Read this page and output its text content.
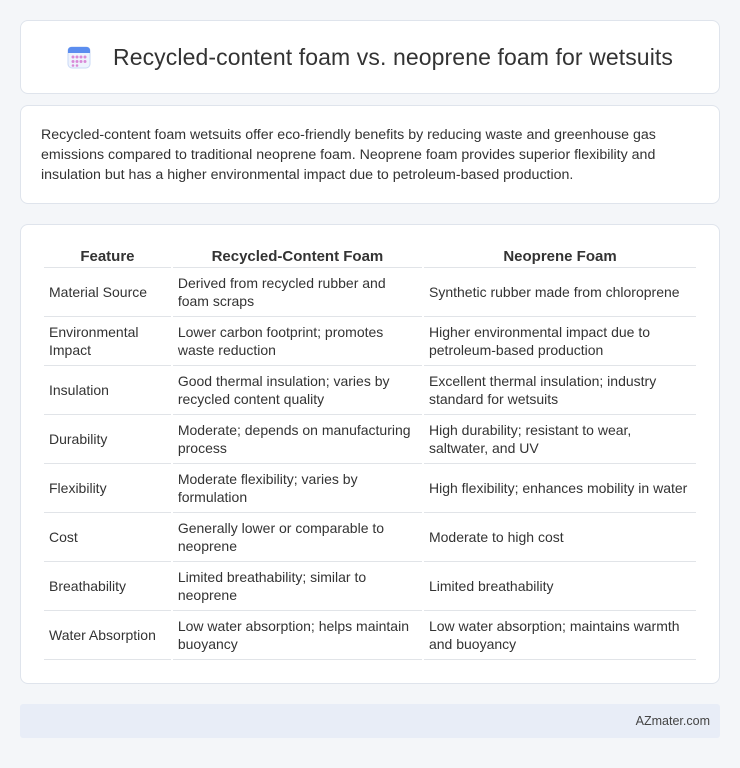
Recycled-content foam vs. neoprene foam for wetsuits

Recycled-content foam wetsuits offer eco-friendly benefits by reducing waste and greenhouse gas emissions compared to traditional neoprene foam. Neoprene foam provides superior flexibility and insulation but has a higher environmental impact due to petroleum-based production.

Feature	Recycled-Content Foam	Neoprene Foam
Material Source	Derived from recycled rubber and foam scraps	Synthetic rubber made from chloroprene
Environmental Impact	Lower carbon footprint; promotes waste reduction	Higher environmental impact due to petroleum-based production
Insulation	Good thermal insulation; varies by recycled content quality	Excellent thermal insulation; industry standard for wetsuits
Durability	Moderate; depends on manufacturing process	High durability; resistant to wear, saltwater, and UV
Flexibility	Moderate flexibility; varies by formulation	High flexibility; enhances mobility in water
Cost	Generally lower or comparable to neoprene	Moderate to high cost
Breathability	Limited breathability; similar to neoprene	Limited breathability
Water Absorption	Low water absorption; helps maintain buoyancy	Low water absorption; maintains warmth and buoyancy
AZmater.com
